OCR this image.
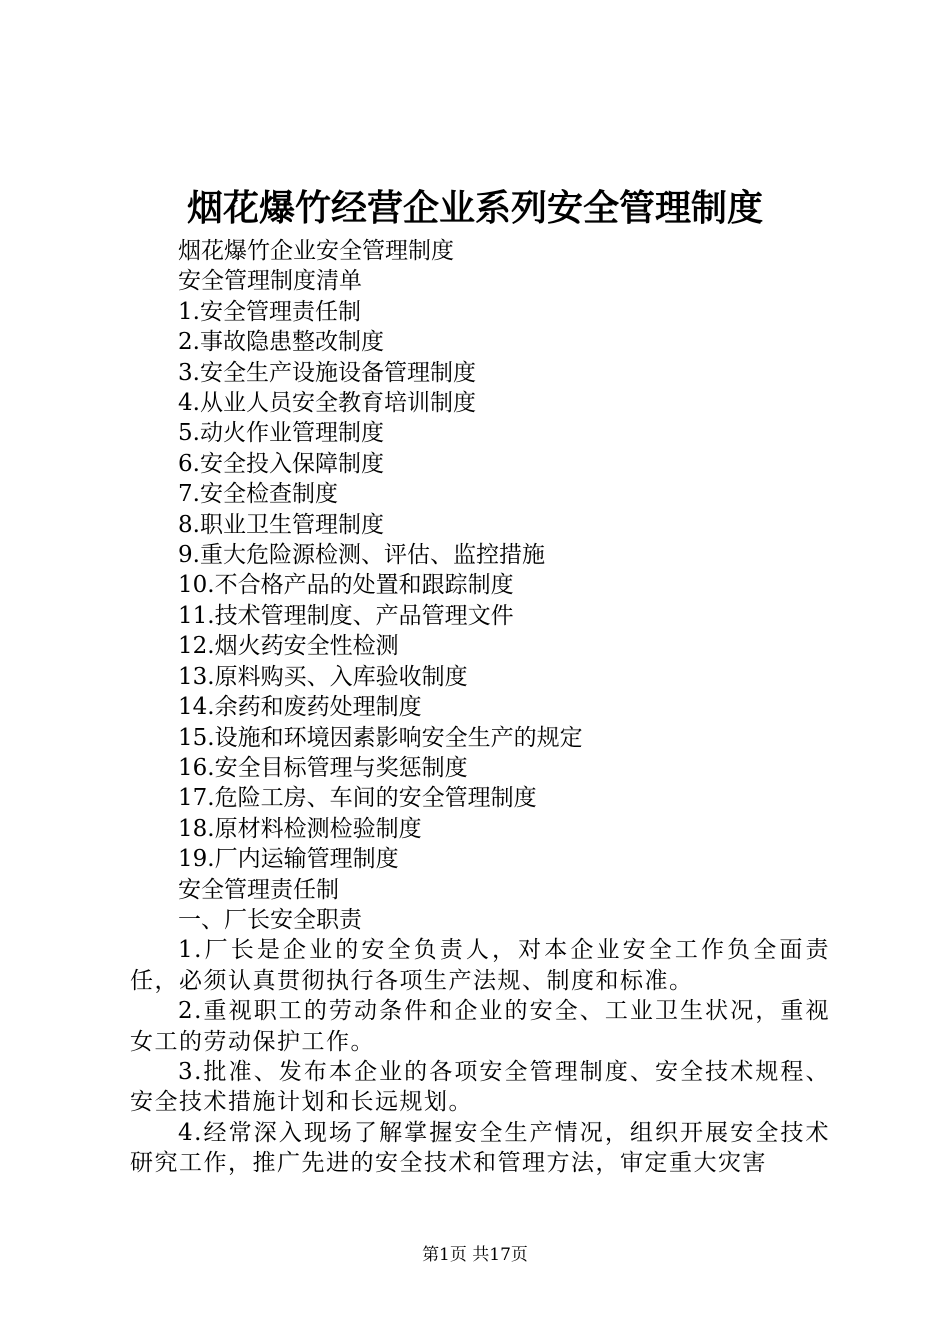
烟花爆竹经营企业系列安全管理制度
烟花爆竹企业安全管理制度
安全管理制度清单
1.安全管理责任制
2.事故隐患整改制度
3.安全生产设施设备管理制度
4.从业人员安全教育培训制度
5.动火作业管理制度
6.安全投入保障制度
7.安全检查制度
8.职业卫生管理制度
9.重大危险源检测、评估、监控措施
10.不合格产品的处置和跟踪制度
11.技术管理制度、产品管理文件
12.烟火药安全性检测
13.原料购买、入库验收制度
14.余药和废药处理制度
15.设施和环境因素影响安全生产的规定
16.安全目标管理与奖惩制度
17.危险工房、车间的安全管理制度
18.原材料检测检验制度
19.厂内运输管理制度
安全管理责任制
一、厂长安全职责
1.厂长是企业的安全负责人，对本企业安全工作负全面责任，必须认真贯彻执行各项生产法规、制度和标准。
2.重视职工的劳动条件和企业的安全、工业卫生状况，重视女工的劳动保护工作。
3.批准、发布本企业的各项安全管理制度、安全技术规程、安全技术措施计划和长远规划。
4.经常深入现场了解掌握安全生产情况，组织开展安全技术研究工作，推广先进的安全技术和管理方法，审定重大灾害
第1页 共17页
